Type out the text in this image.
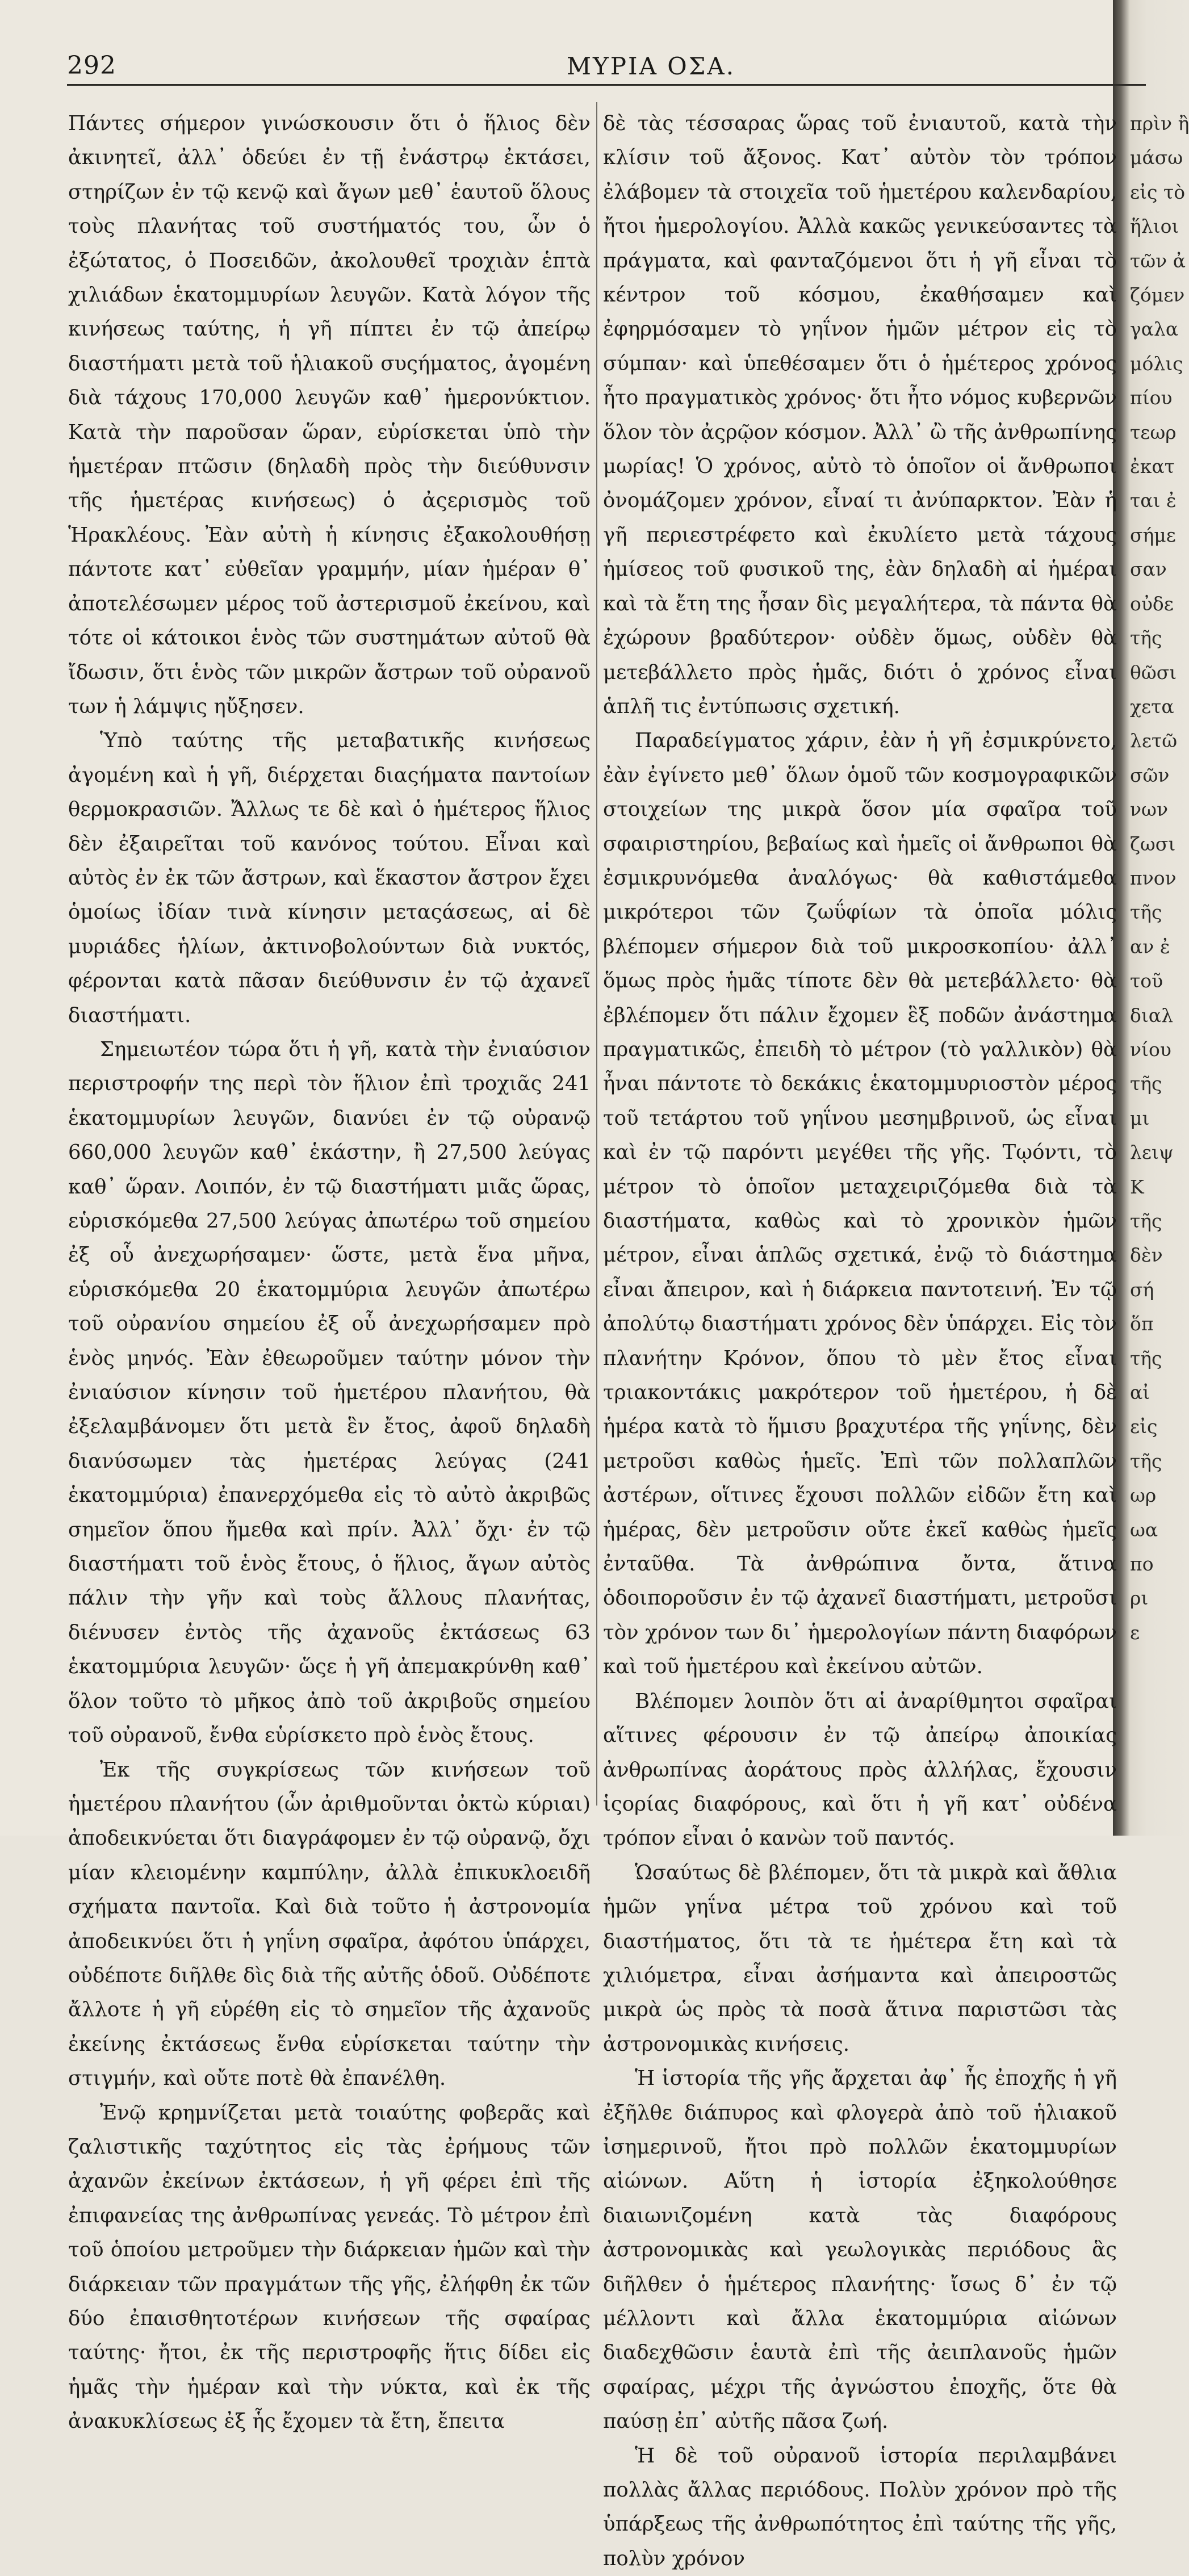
292	ΜΥΡΙΑ ΟΣΑ.

Πάντες σήμερον γινώσκουσιν ὅτι ὁ ἥλιος δὲν ἀκινητεῖ, ἀλλ᾽ ὁδεύει ἐν τῇ ἐνάστρῳ ἐκτάσει, στηρίζων ἐν τῷ κενῷ καὶ ἄγων μεθ᾽ ἑαυτοῦ ὅλους τοὺς πλανήτας τοῦ συστήματός του, ὧν ὁ ἐξώτατος, ὁ Ποσειδῶν, ἀκολουθεῖ τροχιὰν ἑπτὰ χιλιάδων ἑκατομμυρίων λευγῶν. Κατὰ λόγον τῆς κινήσεως ταύτης, ἡ γῆ πίπτει ἐν τῷ ἀπείρῳ διαστήματι μετὰ τοῦ ἡλιακοῦ συςήματος, ἀγομένη διὰ τάχους 170,000 λευγῶν καθ᾽ ἡμερονύκτιον. Κατὰ τὴν παροῦσαν ὥραν, εὑρίσκεται ὑπὸ τὴν ἡμετέραν πτῶσιν (δηλαδὴ πρὸς τὴν διεύθυνσιν τῆς ἡμετέρας κινήσεως) ὁ ἀςερισμὸς τοῦ Ἡρακλέους. Ἐὰν αὐτὴ ἡ κίνησις ἐξακολουθήσῃ πάντοτε κατ᾽ εὐθεῖαν γραμμήν, μίαν ἡμέραν θ᾽ ἀποτελέσωμεν μέρος τοῦ ἀστερισμοῦ ἐκείνου, καὶ τότε οἱ κάτοικοι ἑνὸς τῶν συστημάτων αὐτοῦ θὰ ἴδωσιν, ὅτι ἑνὸς τῶν μικρῶν ἄστρων τοῦ οὐρανοῦ των ἡ λάμψις ηὔξησεν.

Ὑπὸ ταύτης τῆς μεταβατικῆς κινήσεως ἀγομένη καὶ ἡ γῆ, διέρχεται διαςήματα παντοίων θερμοκρασιῶν. Ἄλλως τε δὲ καὶ ὁ ἡμέτερος ἥλιος δὲν ἐξαιρεῖται τοῦ κανόνος τούτου. Εἶναι καὶ αὐτὸς ἐν ἐκ τῶν ἄστρων, καὶ ἕκαστον ἄστρον ἔχει ὁμοίως ἰδίαν τινὰ κίνησιν μεταςάσεως, αἱ δὲ μυριάδες ἡλίων, ἀκτινοβολούντων διὰ νυκτός, φέρονται κατὰ πᾶσαν διεύθυνσιν ἐν τῷ ἀχανεῖ διαστήματι.

Σημειωτέον τώρα ὅτι ἡ γῆ, κατὰ τὴν ἐνιαύσιον περιστροφήν της περὶ τὸν ἥλιον ἐπὶ τροχιᾶς 241 ἑκατομμυρίων λευγῶν, διανύει ἐν τῷ οὐρανῷ 660,000 λευγῶν καθ᾽ ἑκάστην, ἢ 27,500 λεύγας καθ᾽ ὥραν. Λοιπόν, ἐν τῷ διαστήματι μιᾶς ὥρας, εὑρισκόμεθα 27,500 λεύγας ἀπωτέρω τοῦ σημείου ἐξ οὗ ἀνεχωρήσαμεν· ὥστε, μετὰ ἕνα μῆνα, εὑρισκόμεθα 20 ἑκατομμύρια λευγῶν ἀπωτέρω τοῦ οὐρανίου σημείου ἐξ οὗ ἀνεχωρήσαμεν πρὸ ἑνὸς μηνός. Ἐὰν ἐθεωροῦμεν ταύτην μόνον τὴν ἐνιαύσιον κίνησιν τοῦ ἡμετέρου πλανήτου, θὰ ἐξελαμβάνομεν ὅτι μετὰ ἓν ἔτος, ἀφοῦ δηλαδὴ διανύσωμεν τὰς ἡμετέρας λεύγας (241 ἑκατομμύρια) ἐπανερχόμεθα εἰς τὸ αὐτὸ ἀκριβῶς σημεῖον ὅπου ἤμεθα καὶ πρίν. Ἀλλ᾽ ὄχι· ἐν τῷ διαστήματι τοῦ ἑνὸς ἔτους, ὁ ἥλιος, ἄγων αὐτὸς πάλιν τὴν γῆν καὶ τοὺς ἄλλους πλανήτας, διένυσεν ἐντὸς τῆς ἀχανοῦς ἐκτάσεως 63 ἑκατομμύρια λευγῶν· ὥςε ἡ γῆ ἀπεμακρύνθη καθ᾽ ὅλον τοῦτο τὸ μῆκος ἀπὸ τοῦ ἀκριβοῦς σημείου τοῦ οὐρανοῦ, ἔνθα εὑρίσκετο πρὸ ἑνὸς ἔτους.

Ἐκ τῆς συγκρίσεως τῶν κινήσεων τοῦ ἡμετέρου πλανήτου (ὧν ἀριθμοῦνται ὀκτὼ κύριαι) ἀποδεικνύεται ὅτι διαγράφομεν ἐν τῷ οὐρανῷ, ὄχι μίαν κλειομένην καμπύλην, ἀλλὰ ἐπικυκλοειδῆ σχήματα παντοῖα. Καὶ διὰ τοῦτο ἡ ἀστρονομία ἀποδεικνύει ὅτι ἡ γηΐνη σφαῖρα, ἀφότου ὑπάρχει, οὐδέποτε διῆλθε δὶς διὰ τῆς αὐτῆς ὁδοῦ. Οὐδέποτε ἄλλοτε ἡ γῆ εὑρέθη εἰς τὸ σημεῖον τῆς ἀχανοῦς ἐκείνης ἐκτάσεως ἔνθα εὑρίσκεται ταύτην τὴν στιγμήν, καὶ οὔτε ποτὲ θὰ ἐπανέλθη.

Ἐνῷ κρημνίζεται μετὰ τοιαύτης φοβερᾶς καὶ ζαλιστικῆς ταχύτητος εἰς τὰς ἐρήμους τῶν ἀχανῶν ἐκείνων ἐκτάσεων, ἡ γῆ φέρει ἐπὶ τῆς ἐπιφανείας της ἀνθρωπίνας γενεάς. Τὸ μέτρον ἐπὶ τοῦ ὁποίου μετροῦμεν τὴν διάρκειαν ἡμῶν καὶ τὴν διάρκειαν τῶν πραγμάτων τῆς γῆς, ἐλήφθη ἐκ τῶν δύο ἐπαισθητοτέρων κινήσεων τῆς σφαίρας ταύτης· ἤτοι, ἐκ τῆς περιστροφῆς ἥτις δίδει εἰς ἡμᾶς τὴν ἡμέραν καὶ τὴν νύκτα, καὶ ἐκ τῆς ἀνακυκλίσεως ἐξ ἧς ἔχομεν τὰ ἔτη, ἔπειτα

δὲ τὰς τέσσαρας ὥρας τοῦ ἐνιαυτοῦ, κατὰ τὴν κλίσιν τοῦ ἄξονος. Κατ᾽ αὐτὸν τὸν τρόπον ἐλάβομεν τὰ στοιχεῖα τοῦ ἡμετέρου καλενδαρίου, ἤτοι ἡμερολογίου. Ἀλλὰ κακῶς γενικεύσαντες τὰ πράγματα, καὶ φανταζόμενοι ὅτι ἡ γῆ εἶναι τὸ κέντρον τοῦ κόσμου, ἐκαθήσαμεν καὶ ἐφηρμόσαμεν τὸ γηΐνον ἡμῶν μέτρον εἰς τὸ σύμπαν· καὶ ὑπεθέσαμεν ὅτι ὁ ἡμέτερος χρόνος ἦτο πραγματικὸς χρόνος· ὅτι ἦτο νόμος κυβερνῶν ὅλον τὸν ἀςρῷον κόσμον. Ἀλλ᾽ ὢ τῆς ἀνθρωπίνης μωρίας! Ὁ χρόνος, αὐτὸ τὸ ὁποῖον οἱ ἄνθρωποι ὀνομάζομεν χρόνον, εἶναί τι ἀνύπαρκτον. Ἐὰν ἡ γῆ περιεστρέφετο καὶ ἐκυλίετο μετὰ τάχους ἡμίσεος τοῦ φυσικοῦ της, ἐὰν δηλαδὴ αἱ ἡμέραι καὶ τὰ ἔτη της ἦσαν δὶς μεγαλήτερα, τὰ πάντα θὰ ἐχώρουν βραδύτερον· οὐδὲν ὅμως, οὐδὲν θὰ μετεβάλλετο πρὸς ἡμᾶς, διότι ὁ χρόνος εἶναι ἁπλῆ τις ἐντύπωσις σχετική.

Παραδείγματος χάριν, ἐὰν ἡ γῆ ἐσμικρύνετο, ἐὰν ἐγίνετο μεθ᾽ ὅλων ὁμοῦ τῶν κοσμογραφικῶν στοιχείων της μικρὰ ὅσον μία σφαῖρα τοῦ σφαιριστηρίου, βεβαίως καὶ ἡμεῖς οἱ ἄνθρωποι θὰ ἐσμικρυνόμεθα ἀναλόγως· θὰ καθιστάμεθα μικρότεροι τῶν ζωΰφίων τὰ ὁποῖα μόλις βλέπομεν σήμερον διὰ τοῦ μικροσκοπίου· ἀλλ᾽ ὅμως πρὸς ἡμᾶς τίποτε δὲν θὰ μετεβάλλετο· θὰ ἐβλέπομεν ὅτι πάλιν ἔχομεν ἓξ ποδῶν ἀνάστημα πραγματικῶς, ἐπειδὴ τὸ μέτρον (τὸ γαλλικὸν) θὰ ἦναι πάντοτε τὸ δεκάκις ἑκατομμυριοστὸν μέρος τοῦ τετάρτου τοῦ γηΐνου μεσημβρινοῦ, ὡς εἶναι καὶ ἐν τῷ παρόντι μεγέθει τῆς γῆς. Τῳόντι, τὸ μέτρον τὸ ὁποῖον μεταχειριζόμεθα διὰ τὰ διαστήματα, καθὼς καὶ τὸ χρονικὸν ἡμῶν μέτρον, εἶναι ἁπλῶς σχετικά, ἐνῷ τὸ διάστημα εἶναι ἄπειρον, καὶ ἡ διάρκεια παντοτεινή. Ἐν τῷ ἀπολύτῳ διαστήματι χρόνος δὲν ὑπάρχει. Εἰς τὸν πλανήτην Κρόνον, ὅπου τὸ μὲν ἔτος εἶναι τριακοντάκις μακρότερον τοῦ ἡμετέρου, ἡ δὲ ἡμέρα κατὰ τὸ ἥμισυ βραχυτέρα τῆς γηΐνης, δὲν μετροῦσι καθὼς ἡμεῖς. Ἐπὶ τῶν πολλαπλῶν ἀστέρων, οἵτινες ἔχουσι πολλῶν εἰδῶν ἔτη καὶ ἡμέρας, δὲν μετροῦσιν οὔτε ἐκεῖ καθὼς ἡμεῖς ἐνταῦθα. Τὰ ἀνθρώπινα ὄντα, ἅτινα ὁδοιποροῦσιν ἐν τῷ ἀχανεῖ διαστήματι, μετροῦσι τὸν χρόνον των δι᾽ ἡμερολογίων πάντη διαφόρων καὶ τοῦ ἡμετέρου καὶ ἐκείνου αὐτῶν.

Βλέπομεν λοιπὸν ὅτι αἱ ἀναρίθμητοι σφαῖραι αἵτινες φέρουσιν ἐν τῷ ἀπείρῳ ἀποικίας ἀνθρωπίνας ἀοράτους πρὸς ἀλλήλας, ἔχουσιν ἱςορίας διαφόρους, καὶ ὅτι ἡ γῆ κατ᾽ οὐδένα τρόπον εἶναι ὁ κανὼν τοῦ παντός.

Ὡσαύτως δὲ βλέπομεν, ὅτι τὰ μικρὰ καὶ ἄθλια ἡμῶν γηΐνα μέτρα τοῦ χρόνου καὶ τοῦ διαστήματος, ὅτι τὰ τε ἡμέτερα ἔτη καὶ τὰ χιλιόμετρα, εἶναι ἀσήμαντα καὶ ἀπειροστῶς μικρὰ ὡς πρὸς τὰ ποσὰ ἅτινα παριστῶσι τὰς ἀστρονομικὰς κινήσεις.

Ἡ ἱστορία τῆς γῆς ἄρχεται ἀφ᾽ ἧς ἐποχῆς ἡ γῆ ἐξῆλθε διάπυρος καὶ φλογερὰ ἀπὸ τοῦ ἡλιακοῦ ἰσημερινοῦ, ἤτοι πρὸ πολλῶν ἑκατομμυρίων αἰώνων. Αὕτη ἡ ἱστορία ἐξηκολούθησε διαιωνιζομένη κατὰ τὰς διαφόρους ἀστρονομικὰς καὶ γεωλογικὰς περιόδους ἃς διῆλθεν ὁ ἡμέτερος πλανήτης· ἴσως δ᾽ ἐν τῷ μέλλοντι καὶ ἄλλα ἑκατομμύρια αἰώνων διαδεχθῶσιν ἑαυτὰ ἐπὶ τῆς ἀειπλανοῦς ἡμῶν σφαίρας, μέχρι τῆς ἀγνώστου ἐποχῆς, ὅτε θὰ παύσῃ ἐπ᾽ αὐτῆς πᾶσα ζωή.

Ἡ δὲ τοῦ οὐρανοῦ ἱστορία περιλαμβάνει πολλὰς ἄλλας περιόδους. Πολὺν χρόνον πρὸ τῆς ὑπάρξεως τῆς ἀνθρωπότητος ἐπὶ ταύτης τῆς γῆς, πολὺν χρόνον

πρὶν ἢ
μάσω
εἰς τὸ
ἥλιοι
τῶν ἀ
ζόμεν
γαλα
μόλις
πίου
τεωρ
ἐκατ
ται ἐ
σήμε
σαν
οὐδε
τῆς
θῶσι
χετα
λετῶ
σῶν
νων
ζωσι
πνον
τῆς
αν ἐ
τοῦ
διαλ
νίου
τῆς
μι
λειψ
Κ
τῆς
δὲν
σή
ὅπ
τῆς
αἰ
εἰς
τῆς
ωρ
ωα
πο
ρι
ε
